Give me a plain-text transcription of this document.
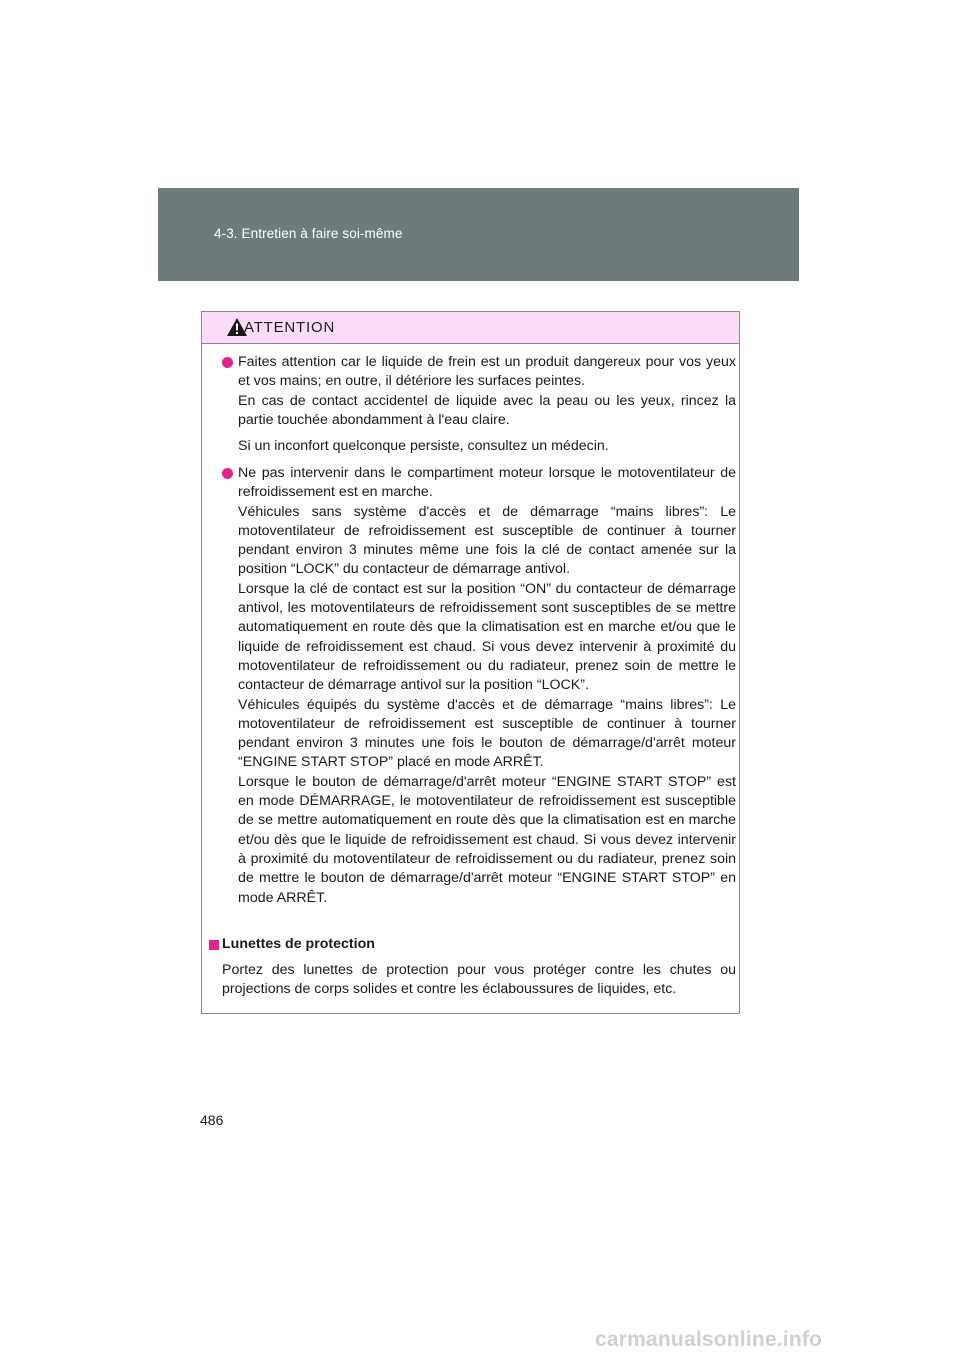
4-3. Entretien à faire soi-même
ATTENTION

Faites attention car le liquide de frein est un produit dangereux pour vos yeux et vos mains; en outre, il détériore les surfaces peintes.

En cas de contact accidentel de liquide avec la peau ou les yeux, rincez la partie touchée abondamment à l'eau claire.

Si un inconfort quelconque persiste, consultez un médecin.

Ne pas intervenir dans le compartiment moteur lorsque le motoventilateur de refroidissement est en marche.

Véhicules sans système d'accès et de démarrage “mains libres”: Le motoventilateur de refroidissement est susceptible de continuer à tourner pendant environ 3 minutes même une fois la clé de contact amenée sur la position “LOCK” du contacteur de démarrage antivol.

Lorsque la clé de contact est sur la position “ON” du contacteur de démarrage antivol, les motoventilateurs de refroidissement sont susceptibles de se mettre automatiquement en route dès que la climatisation est en marche et/ou que le liquide de refroidissement est chaud. Si vous devez intervenir à proximité du motoventilateur de refroidissement ou du radiateur, prenez soin de mettre le contacteur de démarrage antivol sur la position “LOCK”.

Véhicules équipés du système d'accès et de démarrage “mains libres”: Le motoventilateur de refroidissement est susceptible de continuer à tourner pendant environ 3 minutes une fois le bouton de démarrage/d'arrêt moteur “ENGINE START STOP” placé en mode ARRÊT.

Lorsque le bouton de démarrage/d'arrêt moteur “ENGINE START STOP” est en mode DÉMARRAGE, le motoventilateur de refroidissement est susceptible de se mettre automatiquement en route dès que la climatisation est en marche et/ou dès que le liquide de refroidissement est chaud. Si vous devez intervenir à proximité du motoventilateur de refroidissement ou du radiateur, prenez soin de mettre le bouton de démarrage/d'arrêt moteur “ENGINE START STOP” en mode ARRÊT.

Lunettes de protection
Portez des lunettes de protection pour vous protéger contre les chutes ou projections de corps solides et contre les éclaboussures de liquides, etc.
486
carmanualsonline.info
